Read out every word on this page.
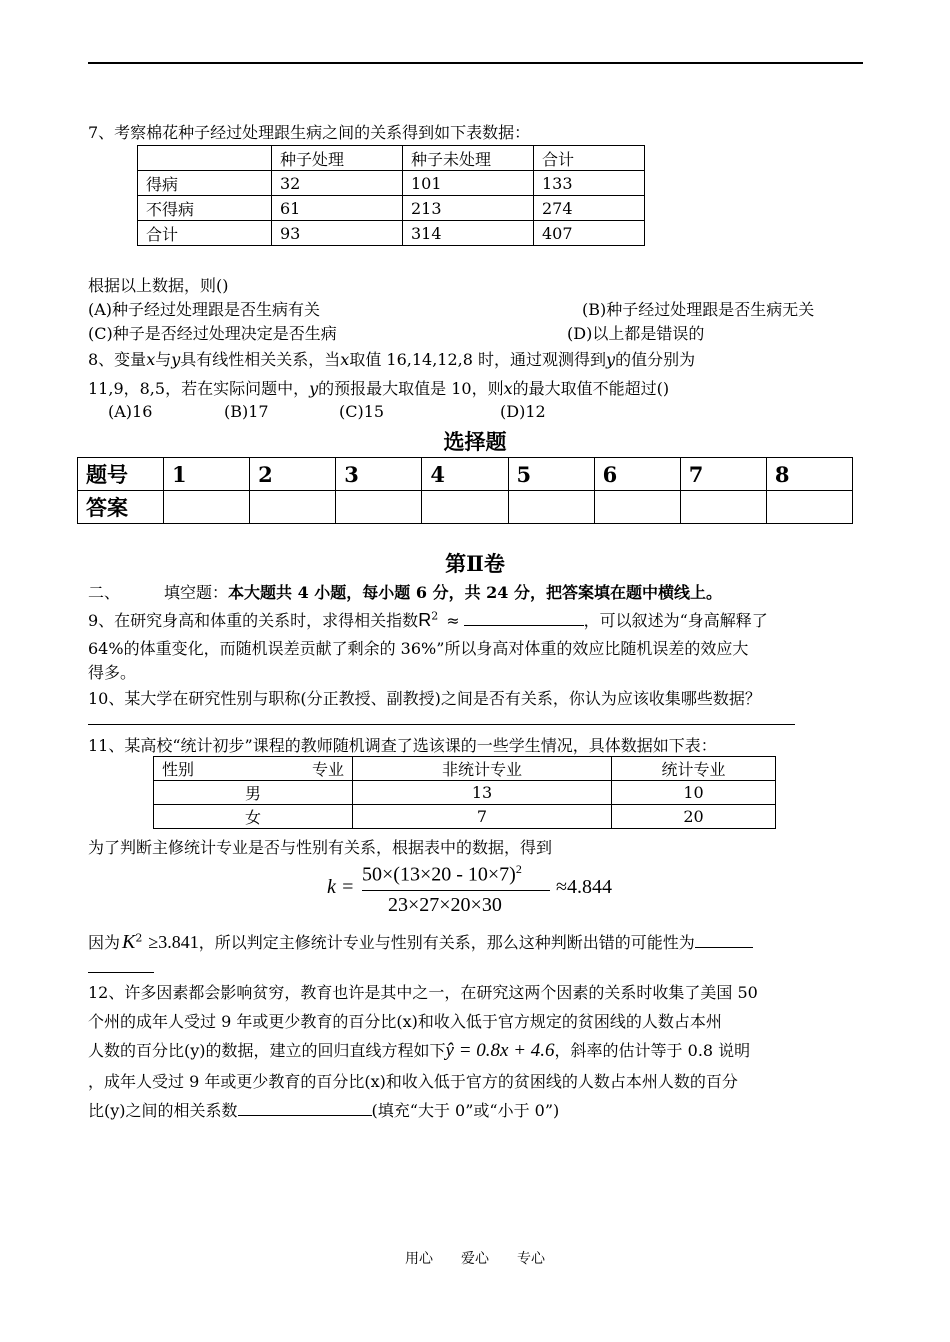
7、考察棉花种子经过处理跟生病之间的关系得到如下表数据：
	种子处理	种子未处理	合计
得病	32	101	133
不得病	61	213	274
合计	93	314	407
根据以上数据，则()
(A)种子经过处理跟是否生病有关	(B)种子经过处理跟是否生病无关
(C)种子是否经过处理决定是否生病	(D)以上都是错误的
8、变量x与y具有线性相关关系，当x取值 16,14,12,8 时，通过观测得到y的值分别为
11,9，8,5，若在实际问题中，y的预报最大取值是 10，则x的最大取值不能超过()
(A)16	(B)17	(C)15	(D)12
选择题
题号	1	2	3	4	5	6	7	8
答案								
第Ⅱ卷
二、	填空题：本大题共 4 小题，每小题 6 分，共 24 分，把答案填在题中横线上。
9、在研究身高和体重的关系时，求得相关指数$R^2$ ≈	，可以叙述为“身高解释了
64%的体重变化，而随机误差贡献了剩余的 36%”所以身高对体重的效应比随机误差的效应大
得多。
10、某大学在研究性别与职称(分正教授、副教授)之间是否有关系，你认为应该收集哪些数据？
11、某高校“统计初步”课程的教师随机调查了选该课的一些学生情况，具体数据如下表：
性别 专业	非统计专业	统计专业
男	13	10
女	7	20
为了判断主修统计专业是否与性别有关系，根据表中的数据，得到
k =
$50\times(13\times 20 - 10\times 7)^2$
23×27×20×30
≈4.844
因为 $K^2 \ge 3.841$，所以判定主修统计专业与性别有关系，那么这种判断出错的可能性为
12、许多因素都会影响贫穷，教育也许是其中之一，在研究这两个因素的关系时收集了美国 50
个州的成年人受过 9 年或更少教育的百分比(x)和收入低于官方规定的贫困线的人数占本州
人数的百分比(y)的数据，建立的回归直线方程如下ŷ = 0.8x + 4.6，斜率的估计等于 0.8 说明
，成年人受过 9 年或更少教育的百分比(x)和收入低于官方的贫困线的人数占本州人数的百分
比(y)之间的相关系数	(填充“大于 0”或“小于 0”)
用心　　爱心　　专心
